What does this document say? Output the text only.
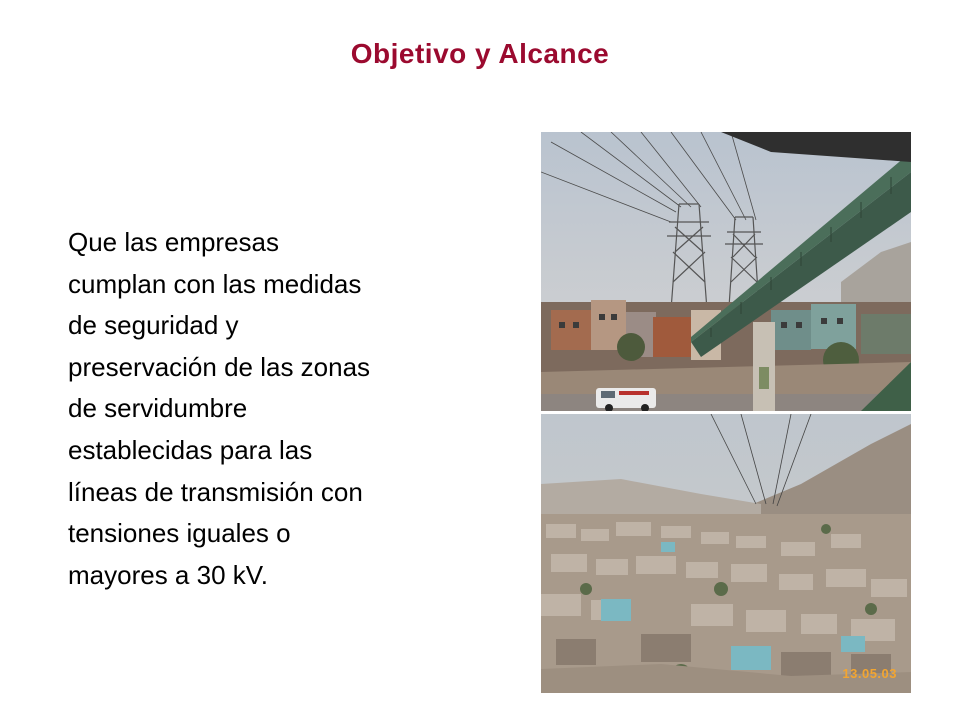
Objetivo y Alcance
Que las empresas
cumplan con las medidas
de seguridad y
preservación de las zonas
de servidumbre
establecidas para las
líneas de transmisión con
tensiones iguales o
mayores a 30 kV.
13.05.03
